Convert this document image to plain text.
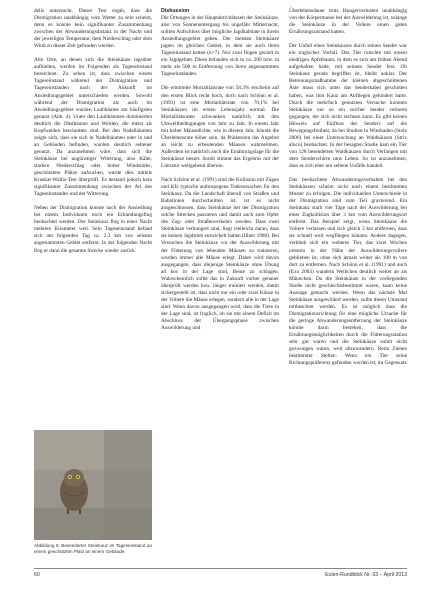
dells untersucht. Dieser Test ergab, dass die Dismigration unabhängig vom Wetter zu sein scheint, denn es konnte kein signifikanter Zusammenhang zwischen der Abwanderungsdistanz in der Nacht und der jeweiligen Temperatur, dem Niederschlag oder dem Wind zu dieser Zeit gefunden werden.

Alle Orte, an denen sich die Steinkäuze tagsüber aufhielten, werden im Folgenden als Tageseinstand bezeichnet. Zu sehen ist, dass zwischen einem Tageseinstand während der Dismigration und Tageseinständen nach der Ankunft im Ansiedlungsgebiet unterschieden werden. Sowohl während der Dismigration als auch im Ansiedlungsgebiet wurden Laubbäume am häufigsten genutzt (Abb. 4). Unter den Laubbäumen dominierten deutlich die Obstbäume und Weiden, die meist als Kopfweiden beschnitten sind. Bei den Nadelbäumen zeigte sich, dass sie sich in Nadelbäumen oder in und an Gebäuden befinden, wurden deutlich seltener genutzt. Da anzunehmen wäre, dass sich die Steinkäuze bei ungünstiger Witterung, also Kälte, starken Niederschlag oder hoher Windstärke, geschütztere Plätze aufsuchen, wurde dies mittels Kruskal-Wallis-Test überprüft. Es bestand jedoch kein signifikanter Zusammenhang zwischen der Art des Tageseinstandes und der Witterung.

Neben der Dismigration konnte nach der Ansiedlung bei einem Individuum noch ein Erkundungsflug beobachtet werden. Der Steinkauz flog in einer Nacht mehrere Kilometer weit. Sein Tageseinstand befand sich am folgenden Tag ca. 2,3 km von seinem angestammten Gebiet entfernt. In der folgenden Nacht flog er dann die gesamte Strecke wieder zurück.

Abbildung 5: Besenderter Steinkauz im Tageseinstand an einem geschützten Platz an einem Gebäude.
Diskussion

Die Ortungen in der Hauptaktivitätszeit der Steinkäuze, also von Sonnenuntergang bis ungefähr Mitternacht, sollten Aufschluss über mögliche Jagdhabitate in ihrem Ansiedlungsgebiet geben. Die meisten Steinkäuze jagten im gleichen Gebiet, in dem sie auch ihren Tageseinstand hatten (n=7). Nur zwei flogen gezielt in ein Jagdgebiet. Diese befanden sich in ca. 200 bzw. in mehr als 500 m Entfernung von ihren angestammten Tageseinständen.

Die ermittelte Mortalitätsrate von 58,3% erscheint auf den ersten Blick recht hoch, doch nach Schönn et al. (1991) ist eine Mortalitätsrate von 70,1% bei Steinkäuzen im ersten Lebensjahr normal. Die Mortalitätsraten schwanken natürlich mit den Umweltbedingungen von Jahr zu Jahr. In einem Jahr mit hoher Mäusedichte, wie in diesem Jahr, könnte die Überlebensrate höher sein, da Prädatoren das Angebot an leicht zu erbeutenden Mäusen wahrnehmen. Außerdem ist natürlich auch die Ernährungslage für die Steinkäuze besser. Somit stimmt das Ergebnis mit der Literatur weitgehend überein.

Nach Schönn et al. (1991) sind die Kollision mit Zügen und Kfz typische anthropogene Todesursachen für den Steinkauz. Da die Landschaft überall von Straßen und Bahnlinien durchschnitten ist, ist es nicht ausgeschlossen, dass Steinkäuze bei der Dismigration solche Strecken passieren und damit auch zum Opfer des Zug- oder Straßenverkehrs werden. Dass zwei Steinkäuze verhungert sind, liegt vielleicht daran, dass sie keinen Jagdtrieb entwickelt haben (Illner 1988). Bei Versuchen die Steinkäuze vor der Auswilderung mit der Fütterung von lebenden Mäusen zu trainieren, wurden immer alle Mäuse erlegt. Daher wird davon ausgegangen, dass diejenige Steinkäuze ohne Übung ad hoc in der Lage sind, Beute zu schlagen. Wahrscheinlich sollte das in Zukunft vorher genauer überprüft werden bzw. länger trainiert werden, damit sichergestellt ist, dass nicht nur ein oder zwei Käuze in der Voliere die Mäuse erlegen, sondern alle in der Lage sind. Wenn davon ausgegangen wird, dass die Tiere in der Lage sind, ist fraglich, ob sie mit einem Defizit im Abschluss der Übergangsphase zwischen Auswilderung und

Überlebensdauer trotz Hungerverlusten unabhängig von der Körpermasse bei der Auswilderung ist, solange die Steinkäuze in der Voliere einen guten Ernährungszustand hatten.

Der Unfall eines Steinkauzes durch seinen Sender war ein tragischer Vorfall. Das Tier rutschte mit einem niedrigen Apfelbaum, in dem es sich am frühen Abend aufgehalten hatte, mit seinem Sender fest. Ob Steinkauz gerade begriffen ist, bleibt unklar. Der Betreuungsmaßnahme der kleinen abgeschnittenen Äste muss sich unter das Senderkabel geschoben haben, was ihm Kauz am Abfliegen gehindert hatte. Durch die mehrfach genutzten Versuche konnten Steinkäuze nur so ein solcher Sender verloren gegangen, der sich nicht rechnen kann. Es gibt keinen Hinweis auf Einfluss des Senders auf die Bewegungsfreiheit, da bei Studien in Wiesbaden (Stolz 2006) bei einer Untersuchung an Waldkäuzen (Strix aluco) beobachtet. In der besagten Studie kam ein Tier von 128 besenderten Waldkäuzen durch Verfangen mit dem Senderschirm ums Leben. So ist anzunehmen, dass es sich eher um seltene Unfälle handelt.

Das beobachtete Abwanderungsverhalten bei den Steinkäuzen scheint nicht nach einem bestimmten Muster zu erfolgen. Die individuellen Unterschiede in der Dismigration sind zum Teil gravierend. Ein Steinkauz starb vier Tage nach der Auswilderung bei einer Zugkollision über 3 km vom Auswilderungsort entfernt. Das Beispiel zeigt, wenn Steinkäuze die Voliere verlassen und sich gleich 3 km entfernen, dass sie schnell weit wegfliegen können. Andere dagegen, verblieb sich ein weiteres Tier, das zwei Wochen ortstreu in der Nähe der Auswilderungsvoliere geblieben ist, ohne sich jemals weiter als 100 m von dort zu entfernen. Nach Schönn et al. (1991) und auch (Exo 2003) wandern Weibchen deutlich weiter ab als Männchen. Da die Steinkäuze in der vorliegenden Studie nicht geschlechtsbestimmt waren, kann keine Aussage gemacht werden. Wenn das nächste Mal Steinkäuze ausgewildert werden, sollte dieser Umstand mitbeachtet werden. Es ist möglich dass die Dismigrationsrichtung für eine mögliche Ursache für die geringe Abwanderungsentfernung der Steinkäuze könnte darin bestehen, dass die Ernährungsmöglichkeiten durch die Fütterungsstation sehr gut waren und die Steinkäuze somit nicht gezwungen waren, weit abzuwandern. Beim Ziehen bestimmter Stellen. Wenn ein Tier seine Richtungspräferenz gefunden worden ist, im Gegensatz

60	Eulen-Rundblick Nr. 63 – April 2013
